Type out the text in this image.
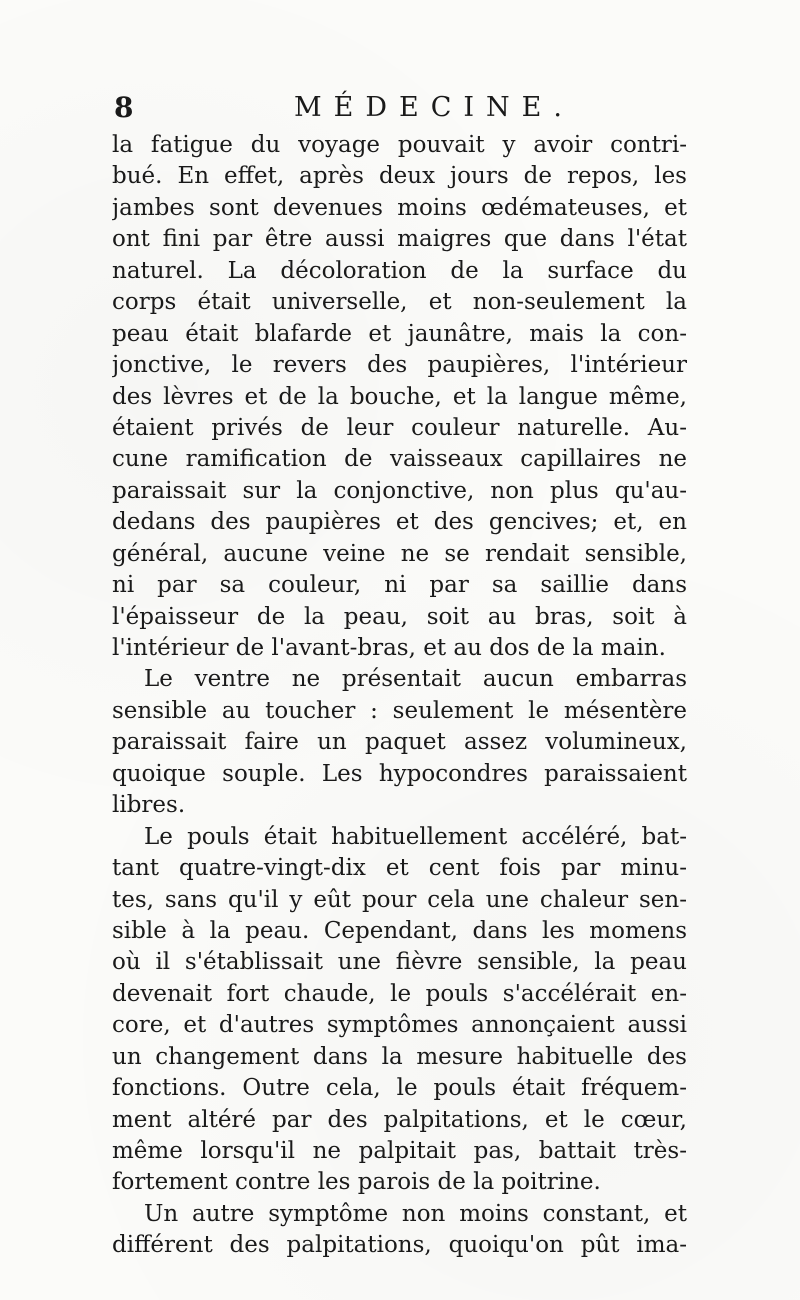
8	MÉDECINE.
la fatigue du voyage pouvait y avoir contri-
bué. En effet, après deux jours de repos, les
jambes sont devenues moins œdémateuses, et
ont fini par être aussi maigres que dans l'état
naturel. La décoloration de la surface du
corps était universelle, et non-seulement la
peau était blafarde et jaunâtre, mais la con-
jonctive, le revers des paupières, l'intérieur
des lèvres et de la bouche, et la langue même,
étaient privés de leur couleur naturelle. Au-
cune ramification de vaisseaux capillaires ne
paraissait sur la conjonctive, non plus qu'au-
dedans des paupières et des gencives; et, en
général, aucune veine ne se rendait sensible,
ni par sa couleur, ni par sa saillie dans
l'épaisseur de la peau, soit au bras, soit à
l'intérieur de l'avant-bras, et au dos de la main.
Le ventre ne présentait aucun embarras
sensible au toucher : seulement le mésentère
paraissait faire un paquet assez volumineux,
quoique souple. Les hypocondres paraissaient
libres.
Le pouls était habituellement accéléré, bat-
tant quatre-vingt-dix et cent fois par minu-
tes, sans qu'il y eût pour cela une chaleur sen-
sible à la peau. Cependant, dans les momens
où il s'établissait une fièvre sensible, la peau
devenait fort chaude, le pouls s'accélérait en-
core, et d'autres symptômes annonçaient aussi
un changement dans la mesure habituelle des
fonctions. Outre cela, le pouls était fréquem-
ment altéré par des palpitations, et le cœur,
même lorsqu'il ne palpitait pas, battait très-
fortement contre les parois de la poitrine.
Un autre symptôme non moins constant, et
différent des palpitations, quoiqu'on pût ima-
